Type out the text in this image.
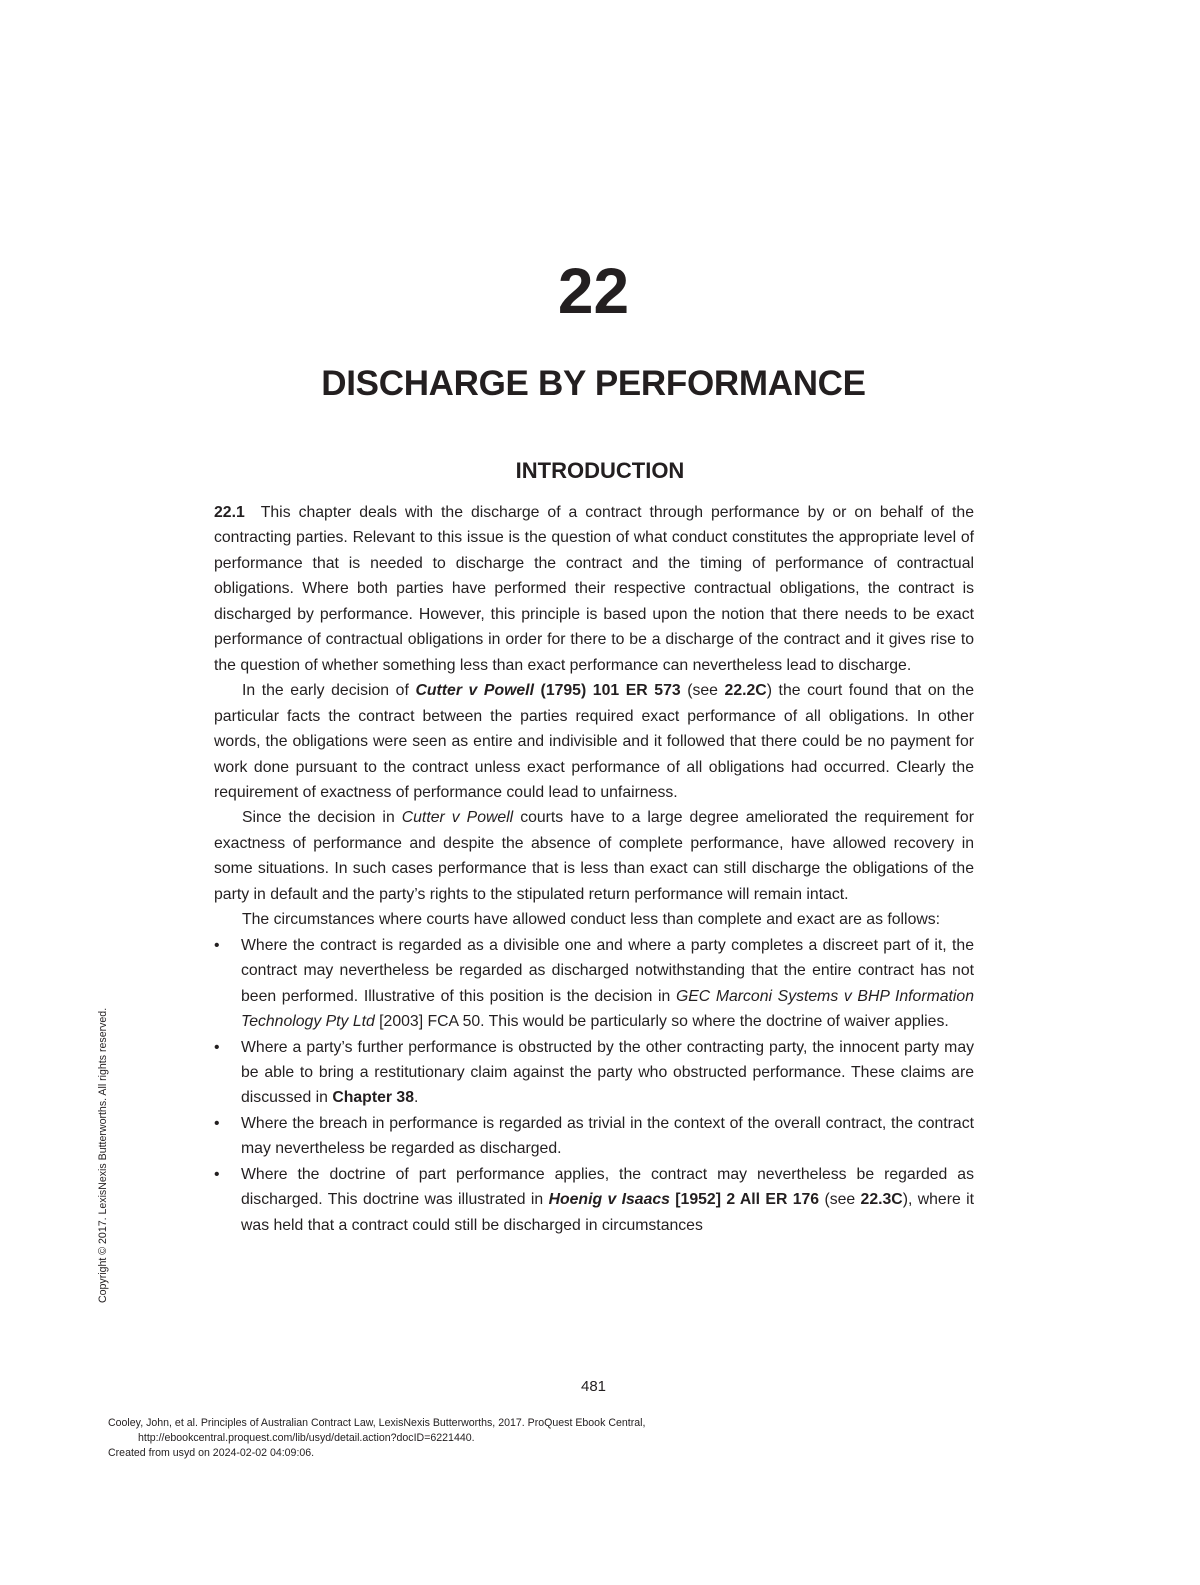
22
DISCHARGE BY PERFORMANCE
INTRODUCTION

22.1 This chapter deals with the discharge of a contract through performance by or on behalf of the contracting parties. Relevant to this issue is the question of what conduct constitutes the appropriate level of performance that is needed to discharge the contract and the timing of performance of contractual obligations. Where both parties have performed their respective contractual obligations, the contract is discharged by performance. However, this principle is based upon the notion that there needs to be exact performance of contractual obligations in order for there to be a discharge of the contract and it gives rise to the question of whether something less than exact performance can nevertheless lead to discharge.

In the early decision of Cutter v Powell (1795) 101 ER 573 (see 22.2C) the court found that on the particular facts the contract between the parties required exact performance of all obligations. In other words, the obligations were seen as entire and indivisible and it followed that there could be no payment for work done pursuant to the contract unless exact performance of all obligations had occurred. Clearly the requirement of exactness of performance could lead to unfairness.

Since the decision in Cutter v Powell courts have to a large degree ameliorated the requirement for exactness of performance and despite the absence of complete performance, have allowed recovery in some situations. In such cases performance that is less than exact can still discharge the obligations of the party in default and the party’s rights to the stipulated return performance will remain intact.

The circumstances where courts have allowed conduct less than complete and exact are as follows:

• Where the contract is regarded as a divisible one and where a party completes a discreet part of it, the contract may nevertheless be regarded as discharged notwithstanding that the entire contract has not been performed. Illustrative of this position is the decision in GEC Marconi Systems v BHP Information Technology Pty Ltd [2003] FCA 50. This would be particularly so where the doctrine of waiver applies.
• Where a party’s further performance is obstructed by the other contracting party, the innocent party may be able to bring a restitutionary claim against the party who obstructed performance. These claims are discussed in Chapter 38.
• Where the breach in performance is regarded as trivial in the context of the overall contract, the contract may nevertheless be regarded as discharged.
• Where the doctrine of part performance applies, the contract may nevertheless be regarded as discharged. This doctrine was illustrated in Hoenig v Isaacs [1952] 2 All ER 176 (see 22.3C), where it was held that a contract could still be discharged in circumstances
481
Copyright © 2017. LexisNexis Butterworths. All rights reserved.
Cooley, John, et al. Principles of Australian Contract Law, LexisNexis Butterworths, 2017. ProQuest Ebook Central,
http://ebookcentral.proquest.com/lib/usyd/detail.action?docID=6221440.
Created from usyd on 2024-02-02 04:09:06.
